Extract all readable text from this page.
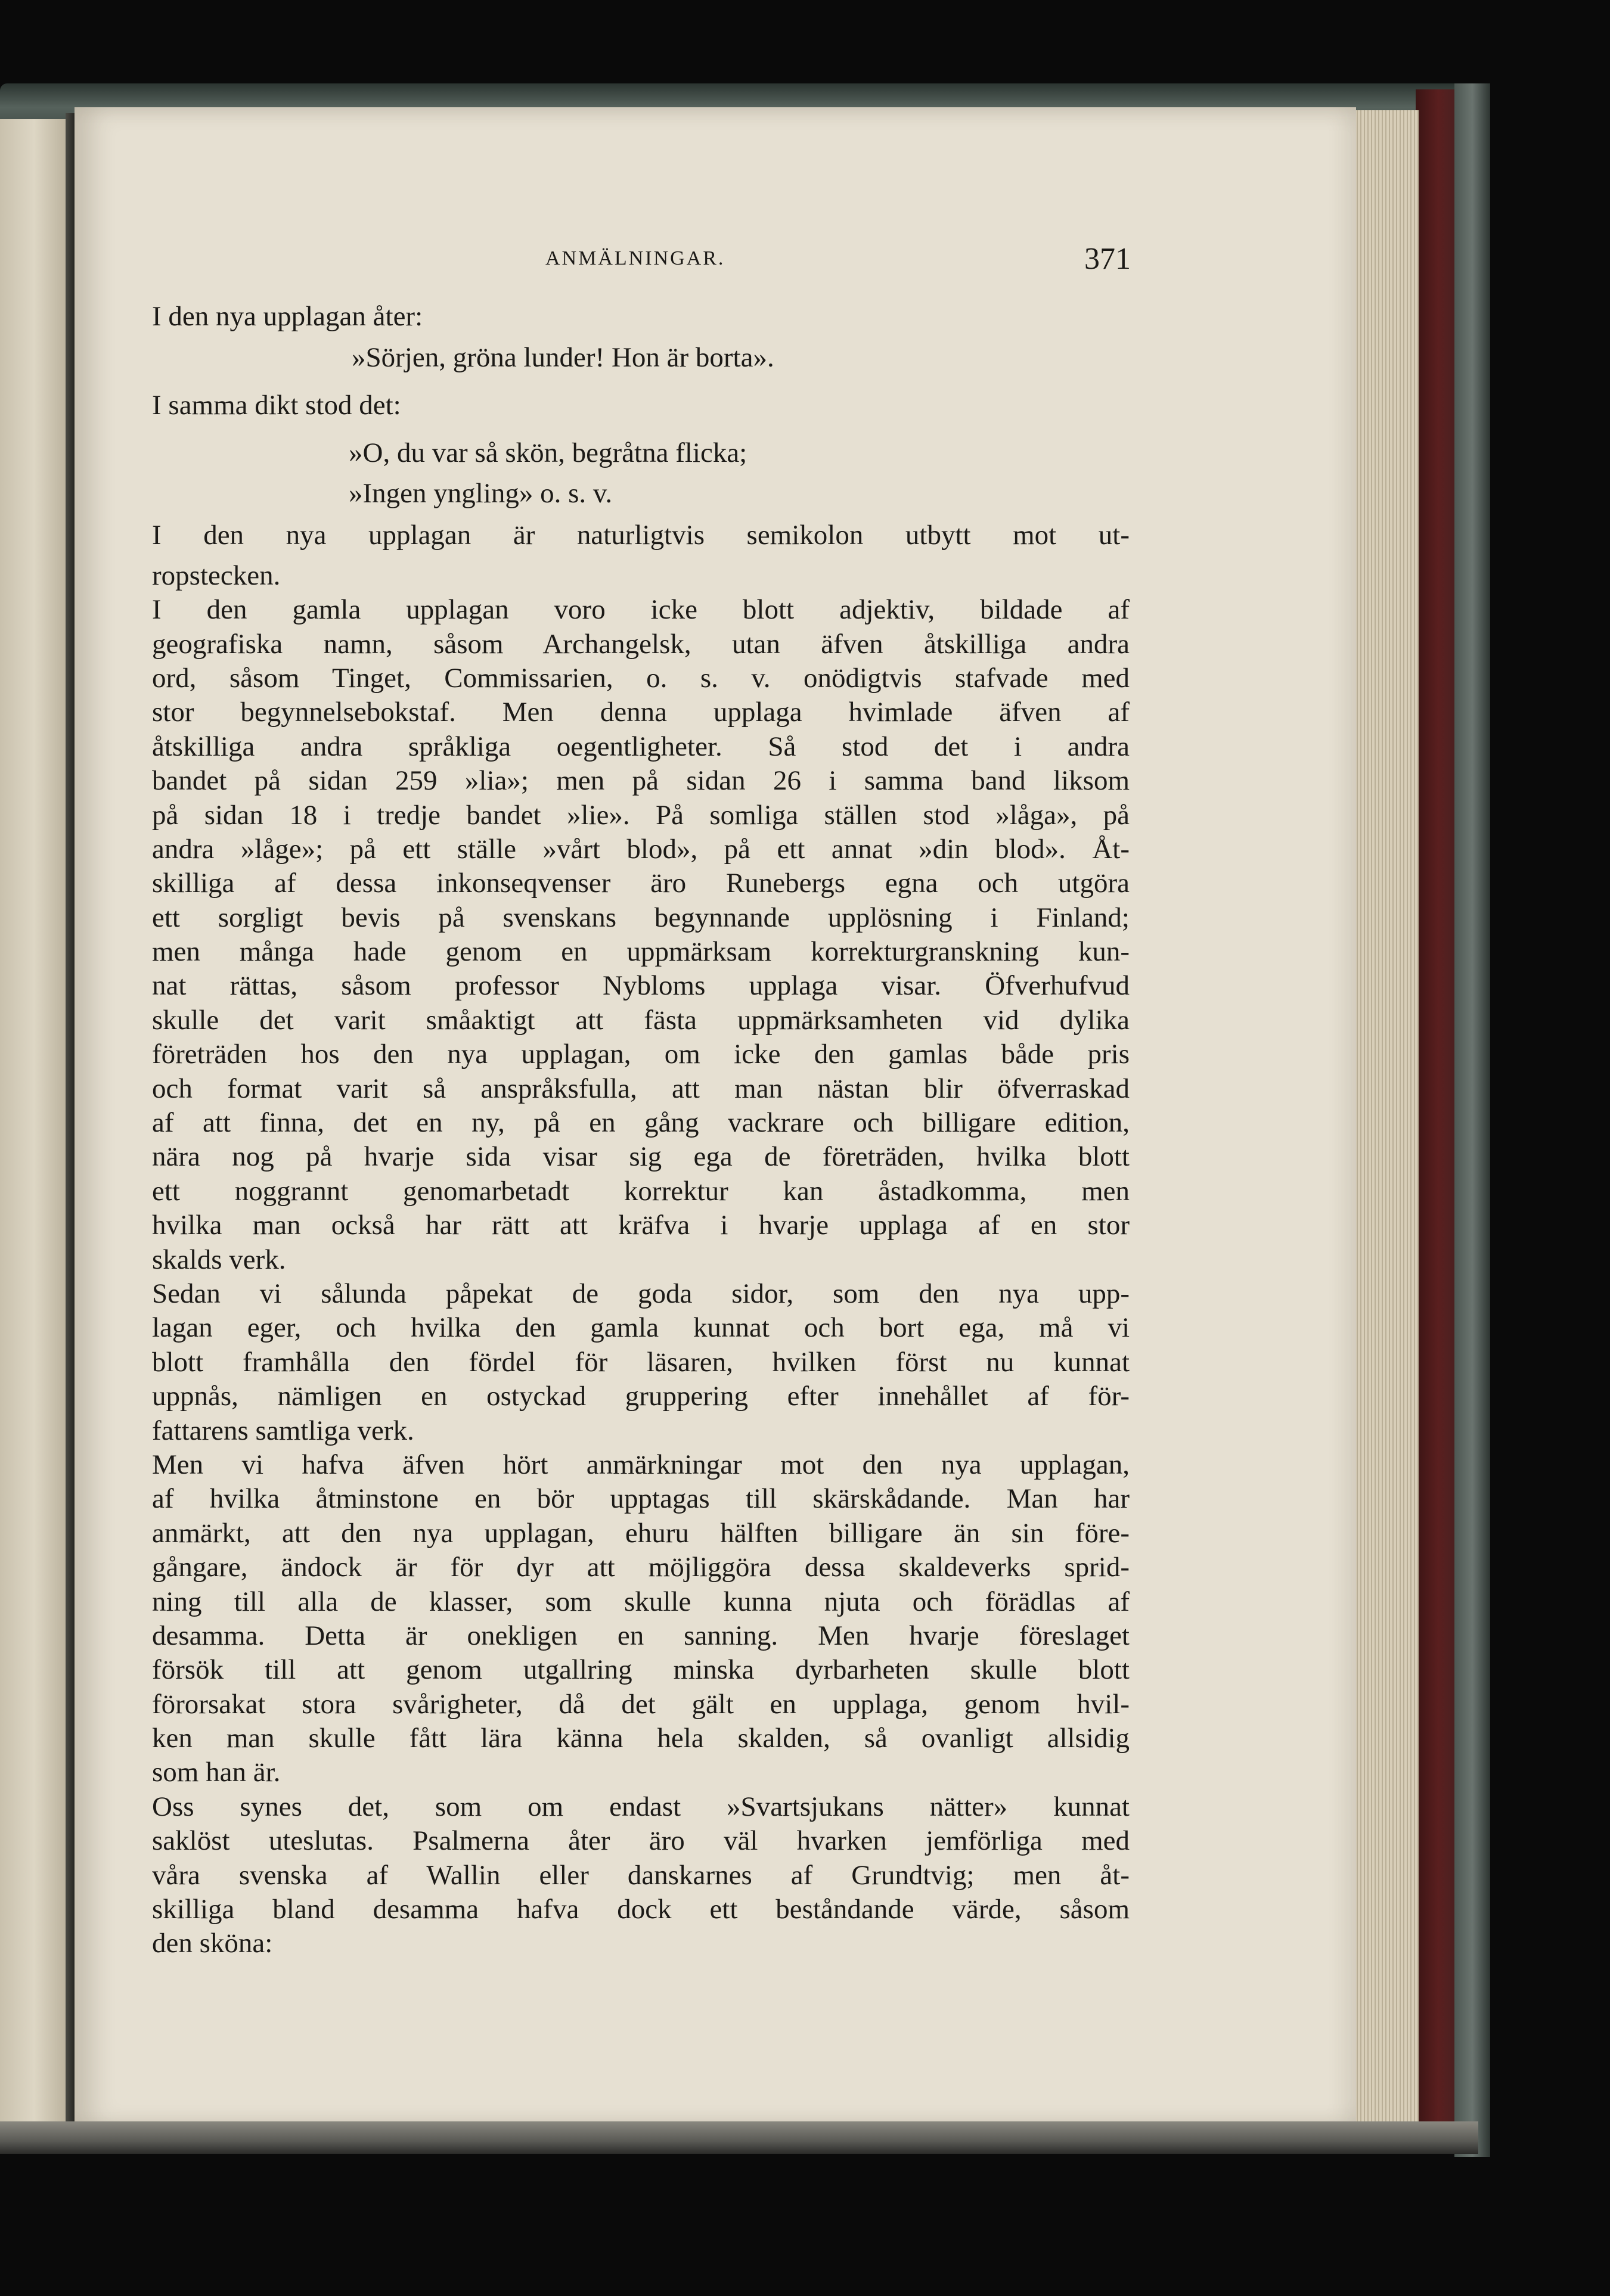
ANMÄLNINGAR.	371
I den nya upplagan åter:
»Sörjen, gröna lunder! Hon är borta».
I samma dikt stod det:
»O, du var så skön, begråtna flicka;
»Ingen yngling» o. s. v.
I den nya upplagan är naturligtvis semikolon utbytt mot ut-
ropstecken.
I den gamla upplagan voro icke blott adjektiv, bildade af
geografiska namn, såsom Archangelsk, utan äfven åtskilliga andra
ord, såsom Tinget, Commissarien, o. s. v. onödigtvis stafvade med
stor begynnelsebokstaf. Men denna upplaga hvimlade äfven af
åtskilliga andra språkliga oegentligheter. Så stod det i andra
bandet på sidan 259 »lia»; men på sidan 26 i samma band liksom
på sidan 18 i tredje bandet »lie». På somliga ställen stod »låga», på
andra »låge»; på ett ställe »vårt blod», på ett annat »din blod». Åt-
skilliga af dessa inkonseqvenser äro Runebergs egna och utgöra
ett sorgligt bevis på svenskans begynnande upplösning i Finland;
men många hade genom en uppmärksam korrekturgranskning kun-
nat rättas, såsom professor Nybloms upplaga visar. Öfverhufvud
skulle det varit småaktigt att fästa uppmärksamheten vid dylika
företräden hos den nya upplagan, om icke den gamlas både pris
och format varit så anspråksfulla, att man nästan blir öfverraskad
af att finna, det en ny, på en gång vackrare och billigare edition,
nära nog på hvarje sida visar sig ega de företräden, hvilka blott
ett noggrannt genomarbetadt korrektur kan åstadkomma, men
hvilka man också har rätt att kräfva i hvarje upplaga af en stor
skalds verk.
Sedan vi sålunda påpekat de goda sidor, som den nya upp-
lagan eger, och hvilka den gamla kunnat och bort ega, må vi
blott framhålla den fördel för läsaren, hvilken först nu kunnat
uppnås, nämligen en ostyckad gruppering efter innehållet af för-
fattarens samtliga verk.
Men vi hafva äfven hört anmärkningar mot den nya upplagan,
af hvilka åtminstone en bör upptagas till skärskådande. Man har
anmärkt, att den nya upplagan, ehuru hälften billigare än sin före-
gångare, ändock är för dyr att möjliggöra dessa skaldeverks sprid-
ning till alla de klasser, som skulle kunna njuta och förädlas af
desamma. Detta är onekligen en sanning. Men hvarje föreslaget
försök till att genom utgallring minska dyrbarheten skulle blott
förorsakat stora svårigheter, då det gält en upplaga, genom hvil-
ken man skulle fått lära känna hela skalden, så ovanligt allsidig
som han är.
Oss synes det, som om endast »Svartsjukans nätter» kunnat
saklöst uteslutas. Psalmerna åter äro väl hvarken jemförliga med
våra svenska af Wallin eller danskarnes af Grundtvig; men åt-
skilliga bland desamma hafva dock ett beståndande värde, såsom
den sköna:
